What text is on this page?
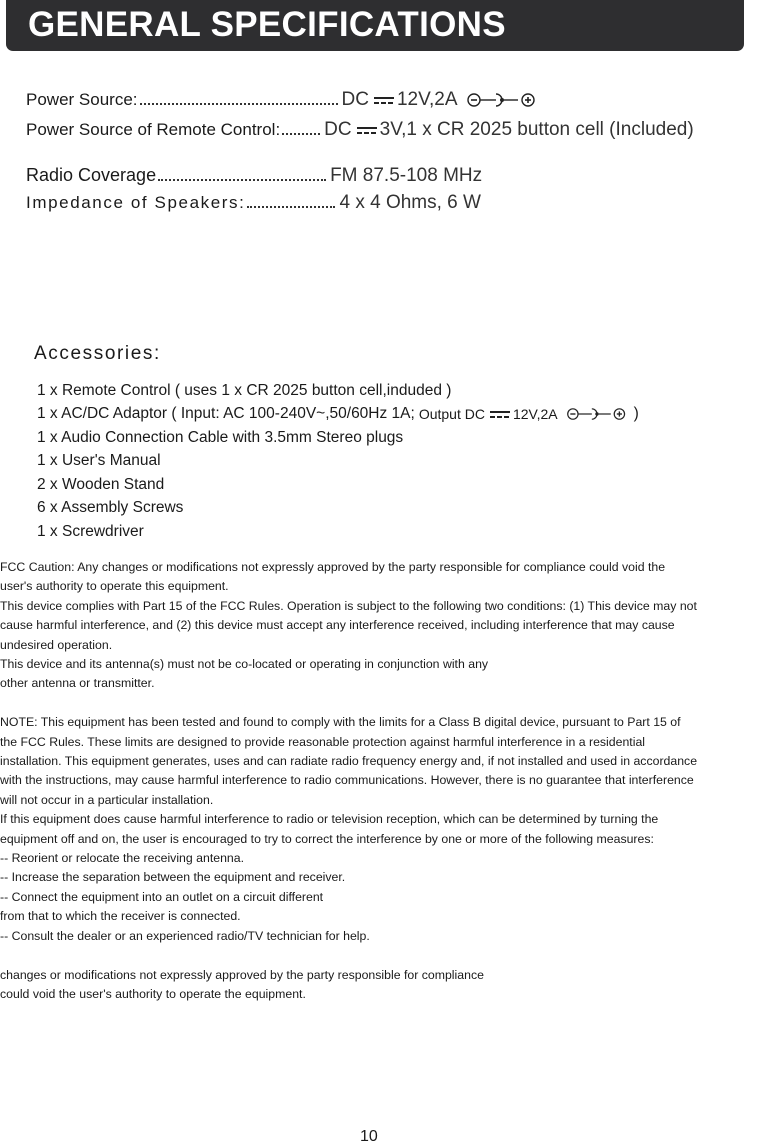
GENERAL SPECIFICATIONS
Power Source:	DC 12V,2A
Power Source of Remote Control: DC 3V,1 x CR 2025 button cell (Included)
Radio Coverage	FM 87.5-108 MHz
Impedance of Speakers:	4 x 4 Ohms, 6 W
Accessories:
1 x Remote Control ( uses 1 x CR 2025 button cell,induded )
1 x AC/DC Adaptor ( Input: AC 100-240V~,50/60Hz 1A; Output DC 12V,2A	)
1 x Audio Connection Cable with 3.5mm Stereo plugs
1 x User's Manual
2 x Wooden Stand
6 x Assembly Screws
1 x Screwdriver

FCC Caution: Any changes or modifications not expressly approved by the party responsible for compliance could void the

user's authority to operate this equipment.

This device complies with Part 15 of the FCC Rules. Operation is subject to the following two conditions: (1) This device may not

cause harmful interference, and (2) this device must accept any interference received, including interference that may cause

undesired operation.

This device and its antenna(s) must not be co-located or operating in conjunction with any

other antenna or transmitter.

NOTE: This equipment has been tested and found to comply with the limits for a Class B digital device, pursuant to Part 15 of

the FCC Rules. These limits are designed to provide reasonable protection against harmful interference in a residential

installation. This equipment generates, uses and can radiate radio frequency energy and, if not installed and used in accordance

with the instructions, may cause harmful interference to radio communications. However, there is no guarantee that interference

will not occur in a particular installation.

If this equipment does cause harmful interference to radio or television reception, which can be determined by turning the

equipment off and on, the user is encouraged to try to correct the interference by one or more of the following measures:

-- Reorient or relocate the receiving antenna.

-- Increase the separation between the equipment and receiver.

-- Connect the equipment into an outlet on a circuit different

from that to which the receiver is connected.

-- Consult the dealer or an experienced radio/TV technician for help.

changes or modifications not expressly approved by the party responsible for compliance

could void the user's authority to operate the equipment.

10
